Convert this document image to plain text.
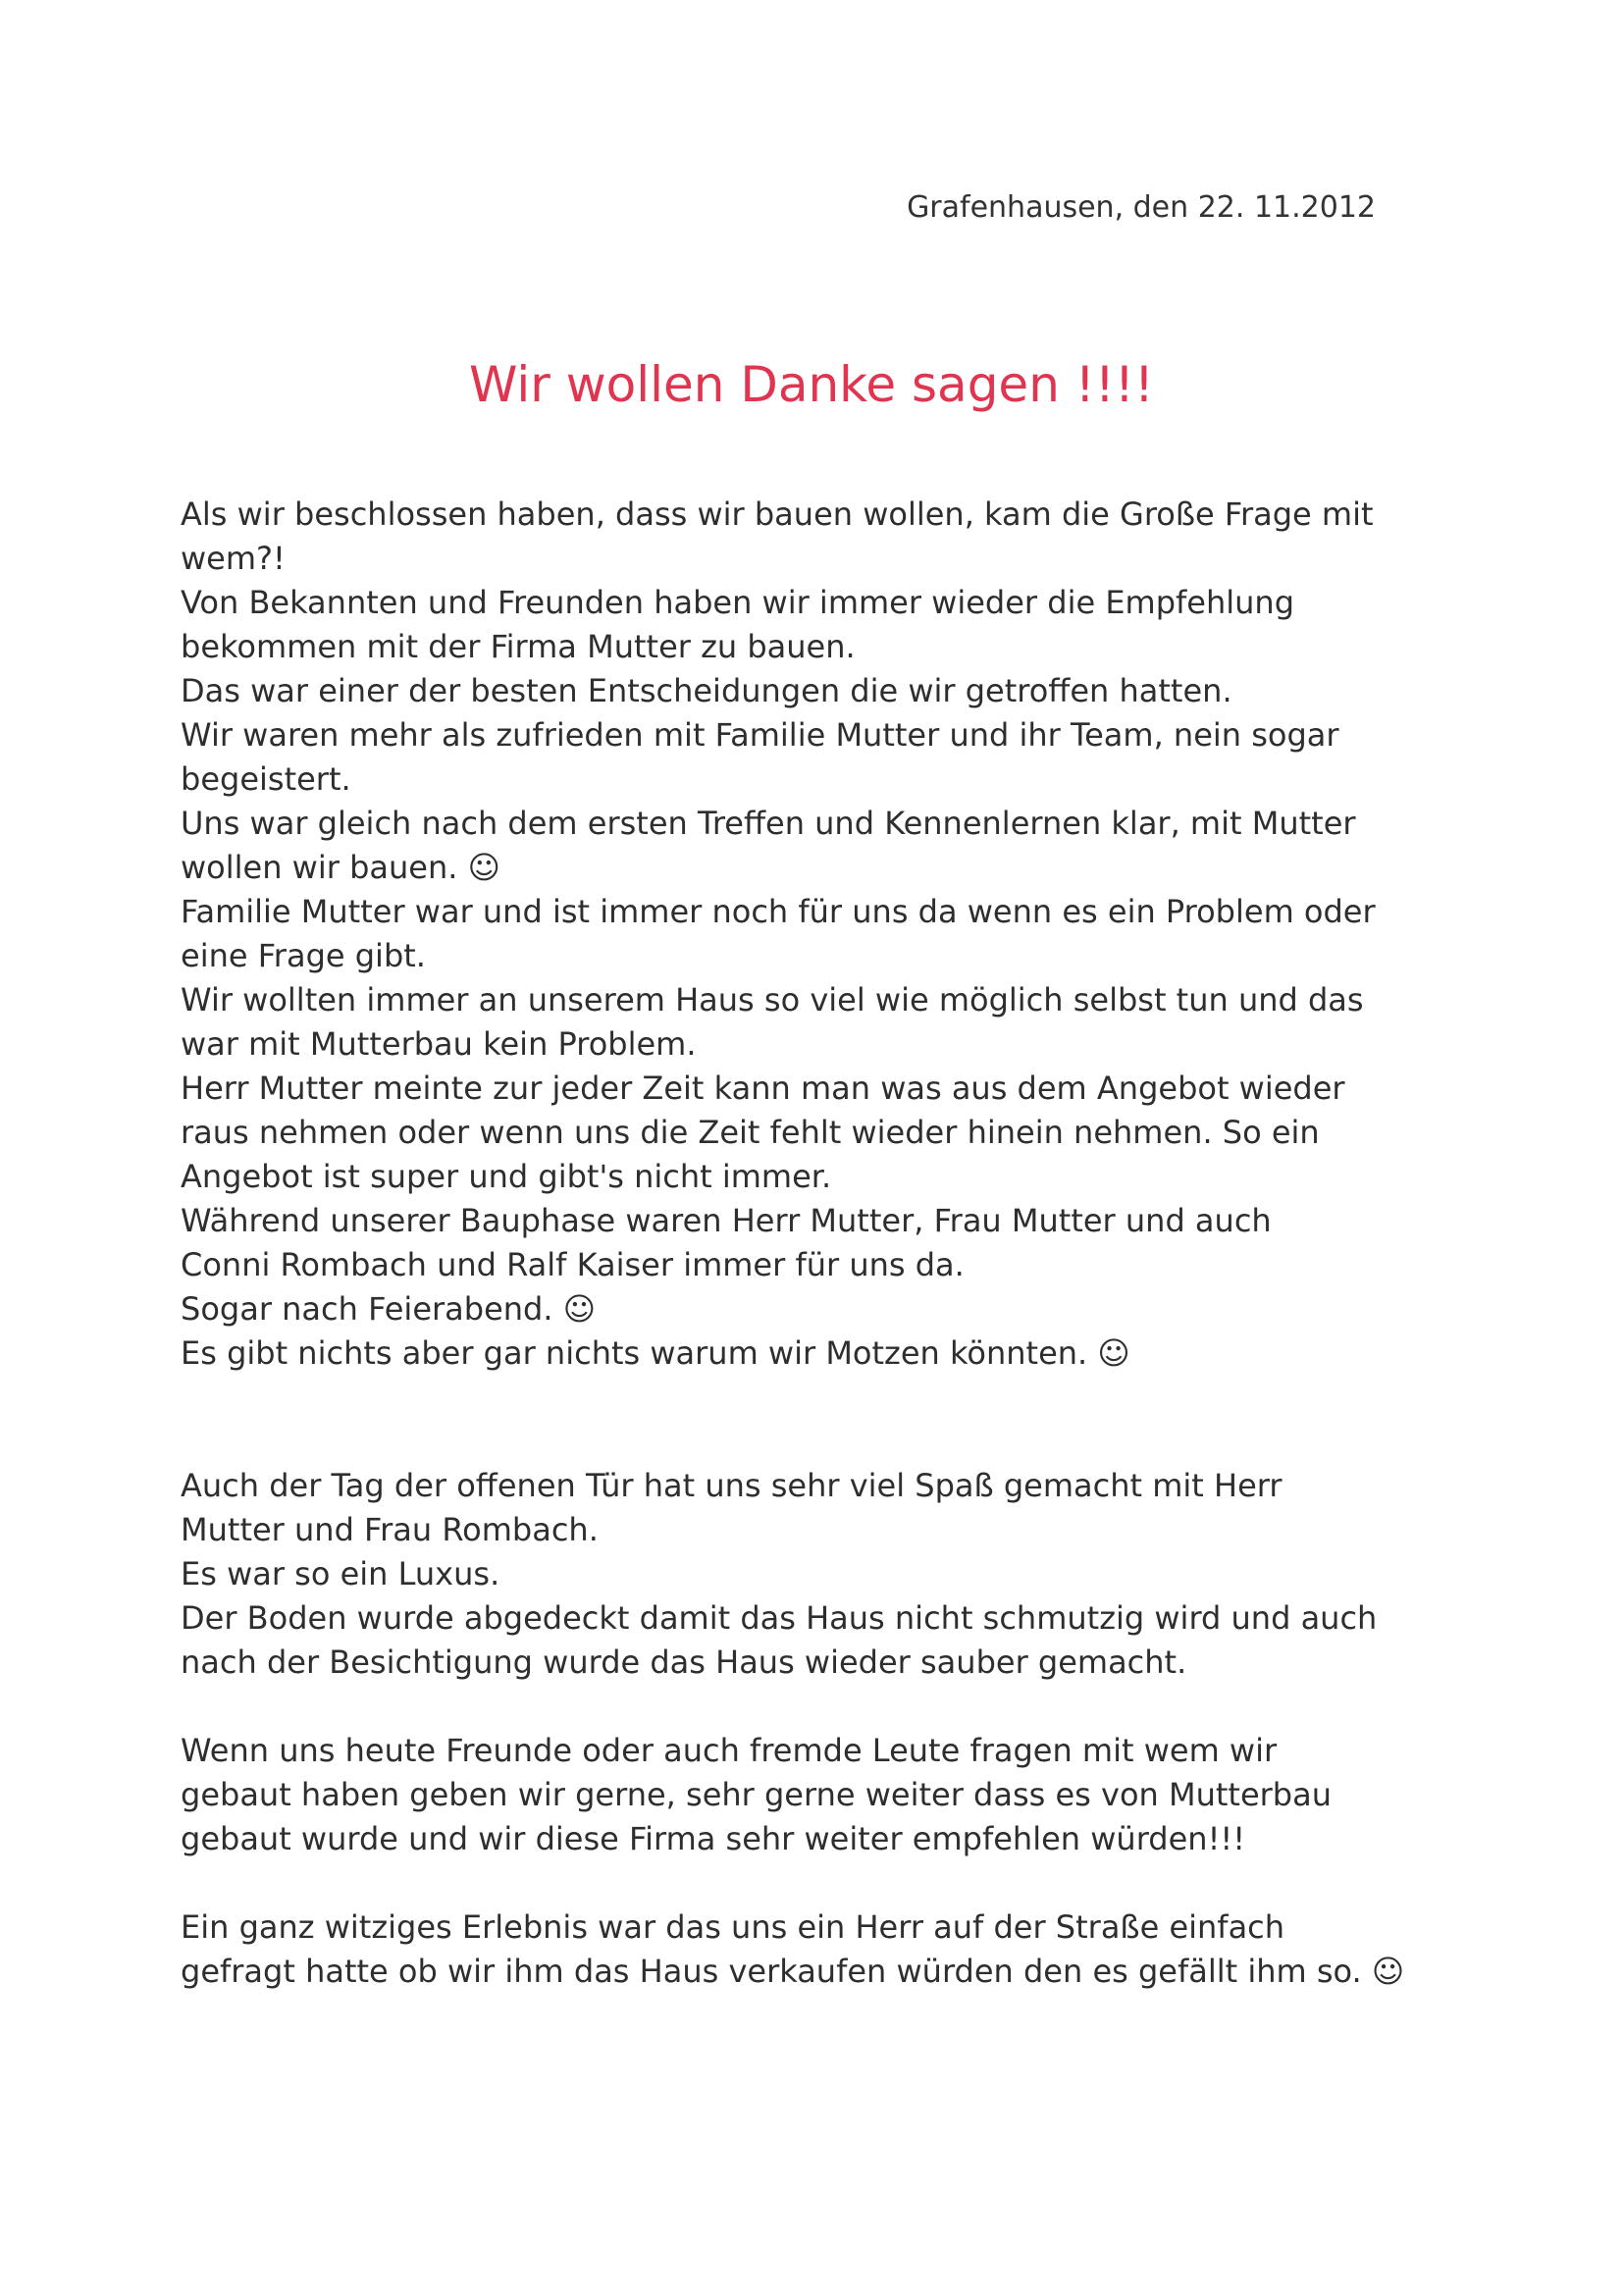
Grafenhausen, den 22. 11.2012
Wir wollen Danke sagen !!!!
Als wir beschlossen haben, dass wir bauen wollen, kam die Große Frage mit
wem?!
Von Bekannten und Freunden haben wir immer wieder die Empfehlung
bekommen mit der Firma Mutter zu bauen.
Das war einer der besten Entscheidungen die wir getroffen hatten.
Wir waren mehr als zufrieden mit Familie Mutter und ihr Team, nein sogar
begeistert.
Uns war gleich nach dem ersten Treffen und Kennenlernen klar, mit Mutter
wollen wir bauen. ☺
Familie Mutter war und ist immer noch für uns da wenn es ein Problem oder
eine Frage gibt.
Wir wollten immer an unserem Haus so viel wie möglich selbst tun und das
war mit Mutterbau kein Problem.
Herr Mutter meinte zur jeder Zeit kann man was aus dem Angebot wieder
raus nehmen oder wenn uns die Zeit fehlt wieder hinein nehmen. So ein
Angebot ist super und gibt's nicht immer.
Während unserer Bauphase waren Herr Mutter, Frau Mutter und auch
Conni Rombach und Ralf Kaiser immer für uns da.
Sogar nach Feierabend. ☺
Es gibt nichts aber gar nichts warum wir Motzen könnten. ☺
Auch der Tag der offenen Tür hat uns sehr viel Spaß gemacht mit Herr
Mutter und Frau Rombach.
Es war so ein Luxus.
Der Boden wurde abgedeckt damit das Haus nicht schmutzig wird und auch
nach der Besichtigung wurde das Haus wieder sauber gemacht.
Wenn uns heute Freunde oder auch fremde Leute fragen mit wem wir
gebaut haben geben wir gerne, sehr gerne weiter dass es von Mutterbau
gebaut wurde und wir diese Firma sehr weiter empfehlen würden!!!
Ein ganz witziges Erlebnis war das uns ein Herr auf der Straße einfach
gefragt hatte ob wir ihm das Haus verkaufen würden den es gefällt ihm so. ☺
